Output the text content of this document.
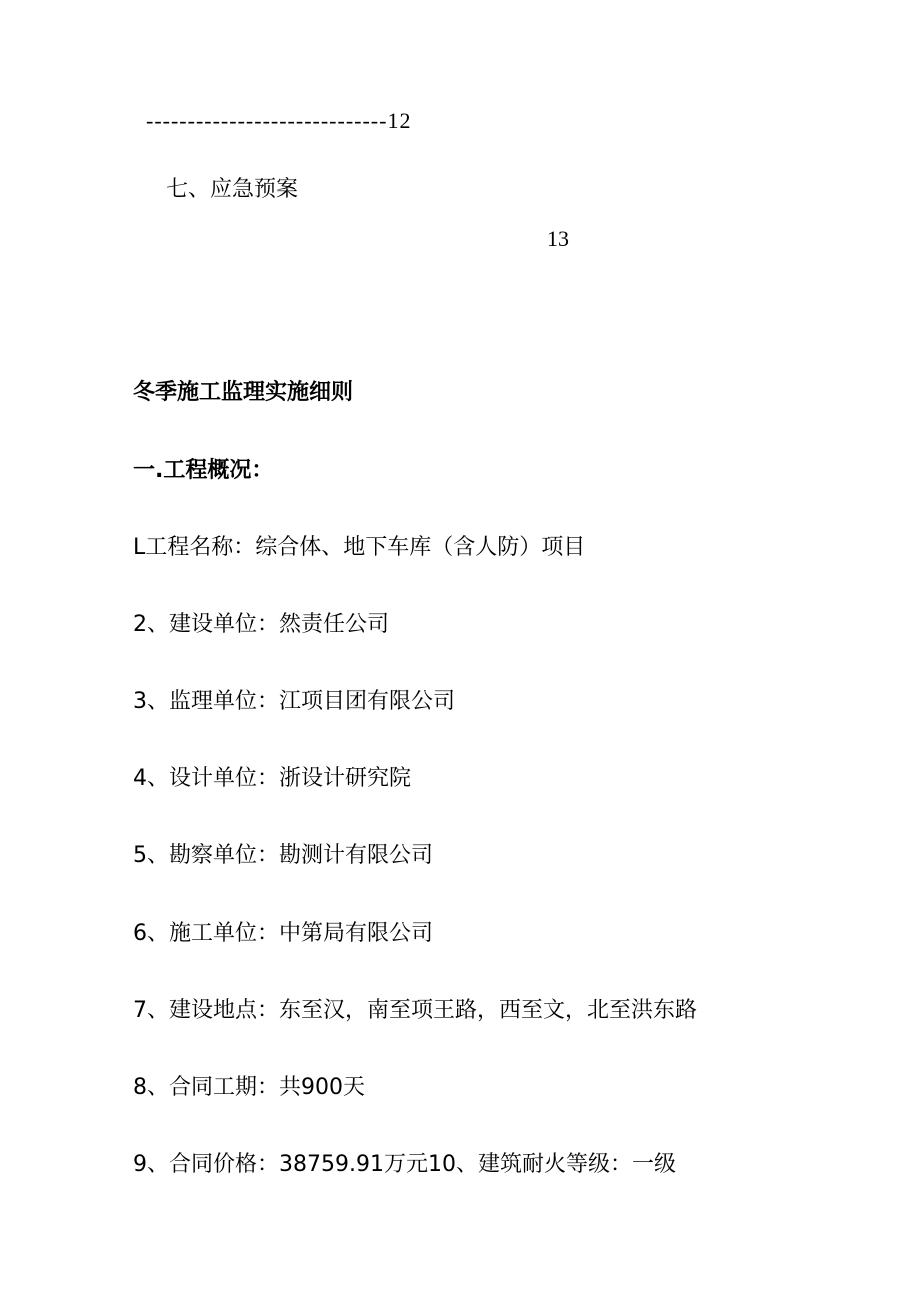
-----------------------------12
七、应急预案
13
冬季施工监理实施细则
一.工程概况：
L工程名称：综合体、地下车库（含人防）项目
2、建设单位：然责任公司
3、监理单位：江项目团有限公司
4、设计单位：浙设计研究院
5、勘察单位：勘测计有限公司
6、施工单位：中第局有限公司
7、建设地点：东至汉，南至项王路，西至文，北至洪东路
8、合同工期：共900天
9、合同价格：38759.91万元10、建筑耐火等级：一级
